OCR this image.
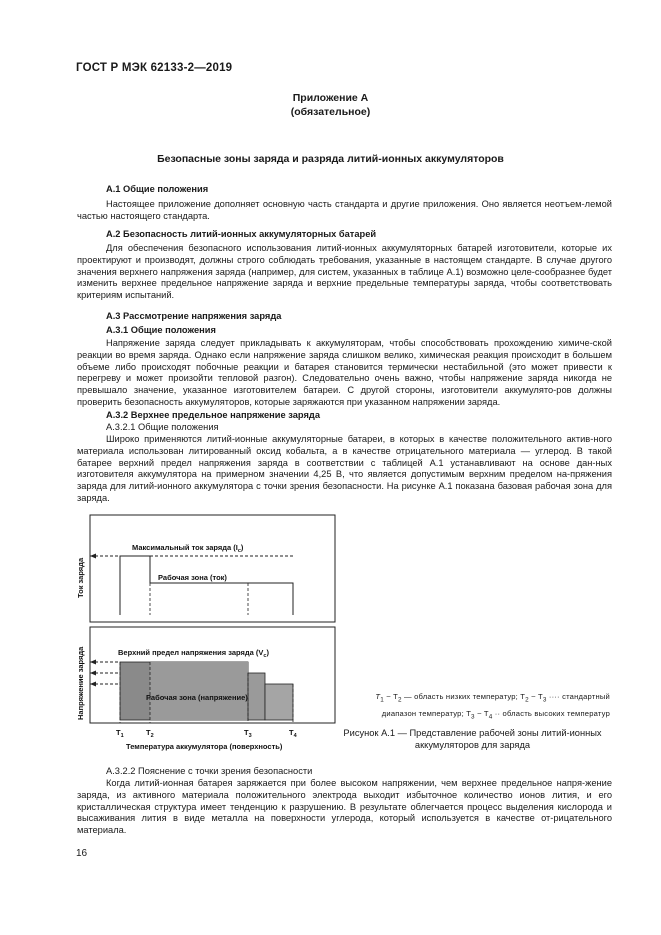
ГОСТ Р МЭК 62133-2—2019
Приложение А
(обязательное)
Безопасные зоны заряда и разряда литий-ионных аккумуляторов
А.1 Общие положения
Настоящее приложение дополняет основную часть стандарта и другие приложения. Оно является неотъем-лемой частью настоящего стандарта.
А.2 Безопасность литий-ионных аккумуляторных батарей
Для обеспечения безопасного использования литий-ионных аккумуляторных батарей изготовители, которые их проектируют и производят, должны строго соблюдать требования, указанные в настоящем стандарте. В случае другого значения верхнего напряжения заряда (например, для систем, указанных в таблице А.1) возможно целе-сообразнее будет изменить верхнее предельное напряжение заряда и верхние предельные температуры заряда, чтобы соответствовать критериям испытаний.
А.3 Рассмотрение напряжения заряда
А.3.1 Общие положения
Напряжение заряда следует прикладывать к аккумуляторам, чтобы способствовать прохождению химиче-ской реакции во время заряда. Однако если напряжение заряда слишком велико, химическая реакция происходит в большем объеме либо происходят побочные реакции и батарея становится термически нестабильной (это может привести к перегреву и может произойти тепловой разгон). Следовательно очень важно, чтобы напряжение заряда никогда не превышало значение, указанное изготовителем батареи. С другой стороны, изготовители аккумулято-ров должны проверить безопасность аккумуляторов, которые заряжаются при указанном напряжении заряда.
А.3.2 Верхнее предельное напряжение заряда
А.3.2.1 Общие положения
Широко применяются литий-ионные аккумуляторные батареи, в которых в качестве положительного актив-ного материала использован литированный оксид кобальта, а в качестве отрицательного материала — углерод. В такой батарее верхний предел напряжения заряда в соответствии с таблицей А.1 устанавливают на основе дан-ных изготовителя аккумулятора на примерном значении 4,25 В, что является допустимым верхним пределом на-пряжения заряда для литий-ионного аккумулятора с точки зрения безопасности. На рисунке А.1 показана базовая рабочая зона для заряда.
Ток заряда
Максимальный ток заряда $(I_c)$
Рабочая зона (ток)
Напряжение заряда	Верхний предел напряжения заряда $(V_c)$
Рабочая зона (напряжение)
$T_1$	$T_2$	$T_3$	$T_4$
Температура аккумулятора (поверхность)
$T_1$ ~ $T_2$ — область низких температур; $T_2$ ~ $T_3$ ···· стандартный
диапазон температур; $T_3$ ~ $T_4$ ·· область высоких температур
Рисунок А.1 — Представление рабочей зоны литий-ионных аккумуляторов для заряда
А.3.2.2 Пояснение с точки зрения безопасности
Когда литий-ионная батарея заряжается при более высоком напряжении, чем верхнее предельное напря-жение заряда, из активного материала положительного электрода выходит избыточное количество ионов лития, и его кристаллическая структура имеет тенденцию к разрушению. В результате облегчается процесс выделения кислорода и высаживания лития в виде металла на поверхности углерода, который используется в качестве от-рицательного материала.
16
